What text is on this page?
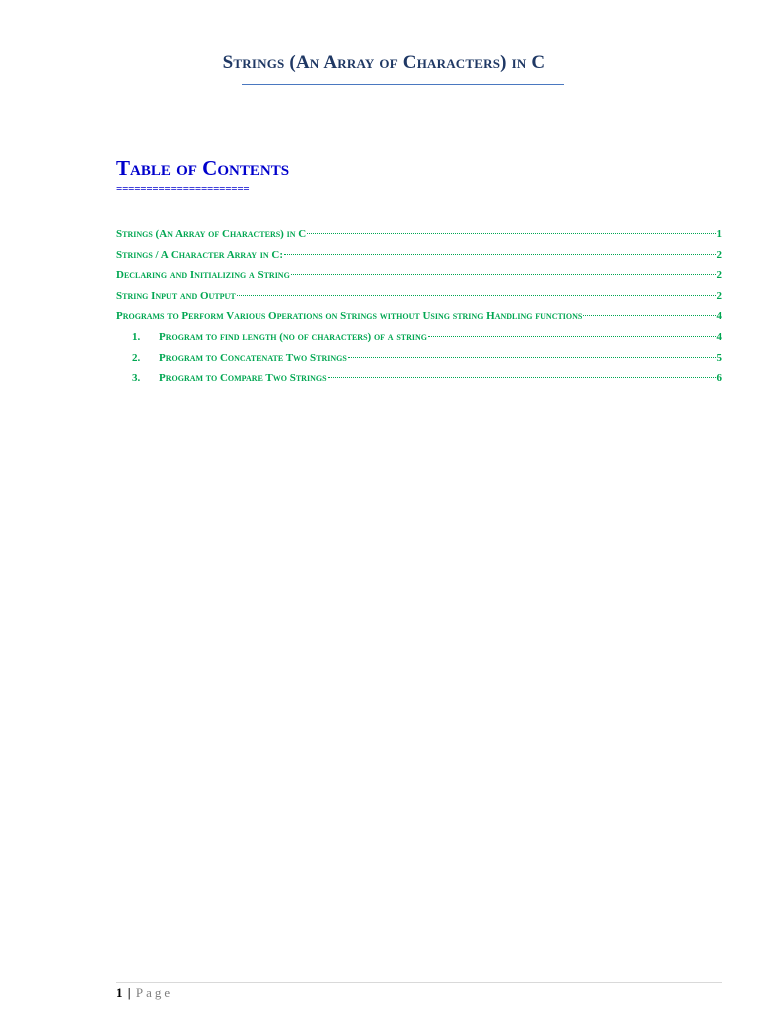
Strings (An Array of Characters) in C
Table of Contents
======================
Strings (An Array of Characters) in C	1
Strings / A Character Array in C:	2
Declaring and Initializing a String	2
String Input and Output	2
Programs to Perform Various Operations on Strings without Using string Handling functions	4
1.	Program to find length (no of characters) of a string	4
2.	Program to Concatenate Two Strings	5
3.	Program to Compare Two Strings	6
1 | Page
